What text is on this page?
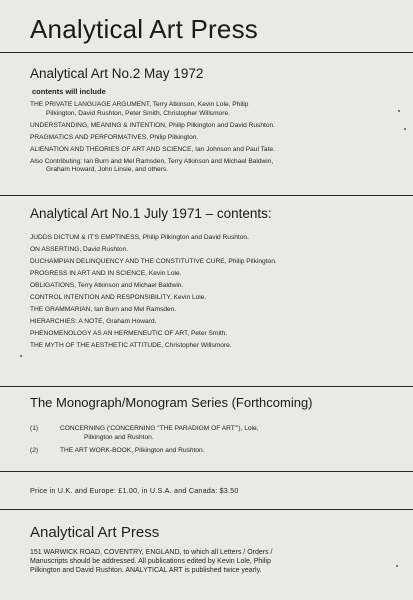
Analytical Art Press
Analytical Art No.2 May 1972
contents will include
THE PRIVATE LANGUAGE ARGUMENT, Terry Atkinson, Kevin Lole, Philip
Pilkington, David Rushton, Peter Smith, Christopher Willsmore.
UNDERSTANDING, MEANING & INTENTION, Philip Pilkington and David Rushton.
PRAGMATICS AND PERFORMATIVES, Philip Pilkington.
ALIENATION AND THEORIES OF ART AND SCIENCE, Ian Johnson and Paul Tate.
Also Contributing: Ian Burn and Mel Ramsden, Terry Atkinson and Michael Baldwin,
Graham Howard, John Linsie, and others.
Analytical Art No.1 July 1971 – contents:
JUDDS DICTUM & IT'S EMPTINESS, Philip Pilkington and David Rushton.
ON ASSERTING, David Rushton.
DUCHAMPIAN DELINQUENCY AND THE CONSTITUTIVE CURE, Philip Pilkington.
PROGRESS IN ART AND IN SCIENCE, Kevin Lole.
OBLIGATIONS, Terry Atkinson and Michael Baldwin.
CONTROL INTENTION AND RESPONSIBILITY, Kevin Lole.
THE GRAMMARIAN, Ian Burn and Mel Ramsden.
HIERARCHIES: A NOTE, Graham Howard.
PHENOMENOLOGY AS AN HERMENEUTIC OF ART, Peter Smith.
THE MYTH OF THE AESTHETIC ATTITUDE, Christopher Willsmore.
The Monograph/Monogram Series (Forthcoming)
(1)	CONCERNING ('CONCERNING "THE PARADIGM OF ART"'), Lole,
Pilkington and Rushton.
(2)	THE ART WORK-BOOK, Pilkington and Rushton.
Price in U.K. and Europe: £1.00, in U.S.A. and Canada: $3.50
Analytical Art Press
151 WARWICK ROAD, COVENTRY, ENGLAND, to which all Letters / Orders /
Manuscripts should be addressed. All publications edited by Kevin Lole, Philip
Pilkington and David Rushton. ANALYTICAL ART is published twice yearly.
